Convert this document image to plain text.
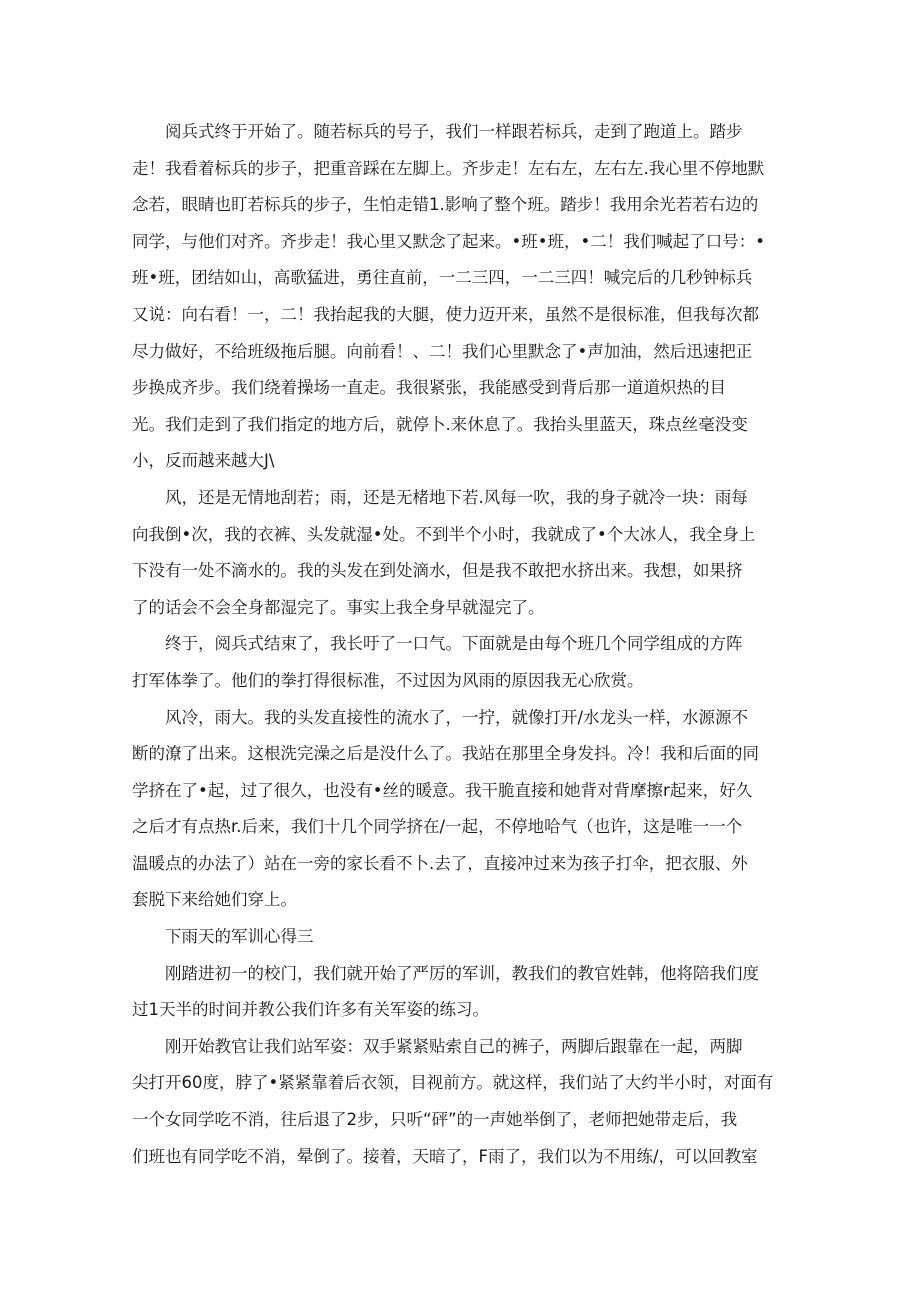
阅兵式终于开始了。随若标兵的号子，我们一样跟若标兵，走到了跑道上。踏步
走！我看着标兵的步子，把重音踩在左脚上。齐步走！左右左，左右左.我心里不停地默
念若，眼睛也盯若标兵的步子，生怕走错1.影响了整个班。踏步！我用余光若若右边的
同学，与他们对齐。齐步走！我心里又默念了起来。•班•班，•二！我们喊起了口号：•
班•班，团结如山，高歌猛进，勇往直前，一二三四，一二三四！喊完后的几秒钟标兵
又说：向右看！一，二！我抬起我的大腿，使力迈开来，虽然不是很标准，但我每次都
尽力做好，不给班级拖后腿。向前看！、二！我们心里默念了•声加油，然后迅速把正
步换成齐步。我们绕着操场一直走。我很紧张，我能感受到背后那一道道炽热的目
光。我们走到了我们指定的地方后，就停卜.来休息了。我抬头里蓝天，珠点丝毫没变
小，反而越来越大J\
风，还是无情地刮若；雨，还是无楮地下若.风每一吹，我的身子就冷一块：雨每
向我倒•次，我的衣裤、头发就湿•处。不到半个小时，我就成了•个大冰人，我全身上
下没有一处不滴水的。我的头发在到处滴水，但是我不敢把水挤出来。我想，如果挤
了的话会不会全身都湿完了。事实上我全身早就湿完了。
终于，阅兵式结束了，我长吁了一口气。下面就是由每个班几个同学组成的方阵
打军体拳了。他们的拳打得很标准，不过因为风雨的原因我无心欣赏。
风冷，雨大。我的头发直接性的流水了，一拧，就像打开/水龙头一样，水源源不
断的潦了出来。这根洗完澡之后是没什么了。我站在那里全身发抖。冷！我和后面的同
学挤在了•起，过了很久，也没有•丝的暖意。我干脆直接和她背对背摩擦r起来，好久
之后才有点热r.后来，我们十几个同学挤在/一起，不停地哈气（也许，这是唯一一个
温暖点的办法了）站在一旁的家长看不卜.去了，直接冲过来为孩子打伞，把衣服、外
套脱下来给她们穿上。
下雨天的军训心得三
刚踏进初一的校门，我们就开始了严厉的军训，教我们的教官姓韩，他将陪我们度
过1天半的时间并教公我们许多有关军姿的练习。
刚开始教官让我们站军姿：双手紧紧贴索自己的裤子，两脚后跟靠在一起，两脚
尖打开60度，脖了•紧紧靠着后衣领，目视前方。就这样，我们站了大约半小时，对面有
一个女同学吃不消，往后退了2步，只听“砰”的一声她举倒了，老师把她带走后，我
们班也有同学吃不消，晕倒了。接着，天暗了，F雨了，我们以为不用练/，可以回教室
